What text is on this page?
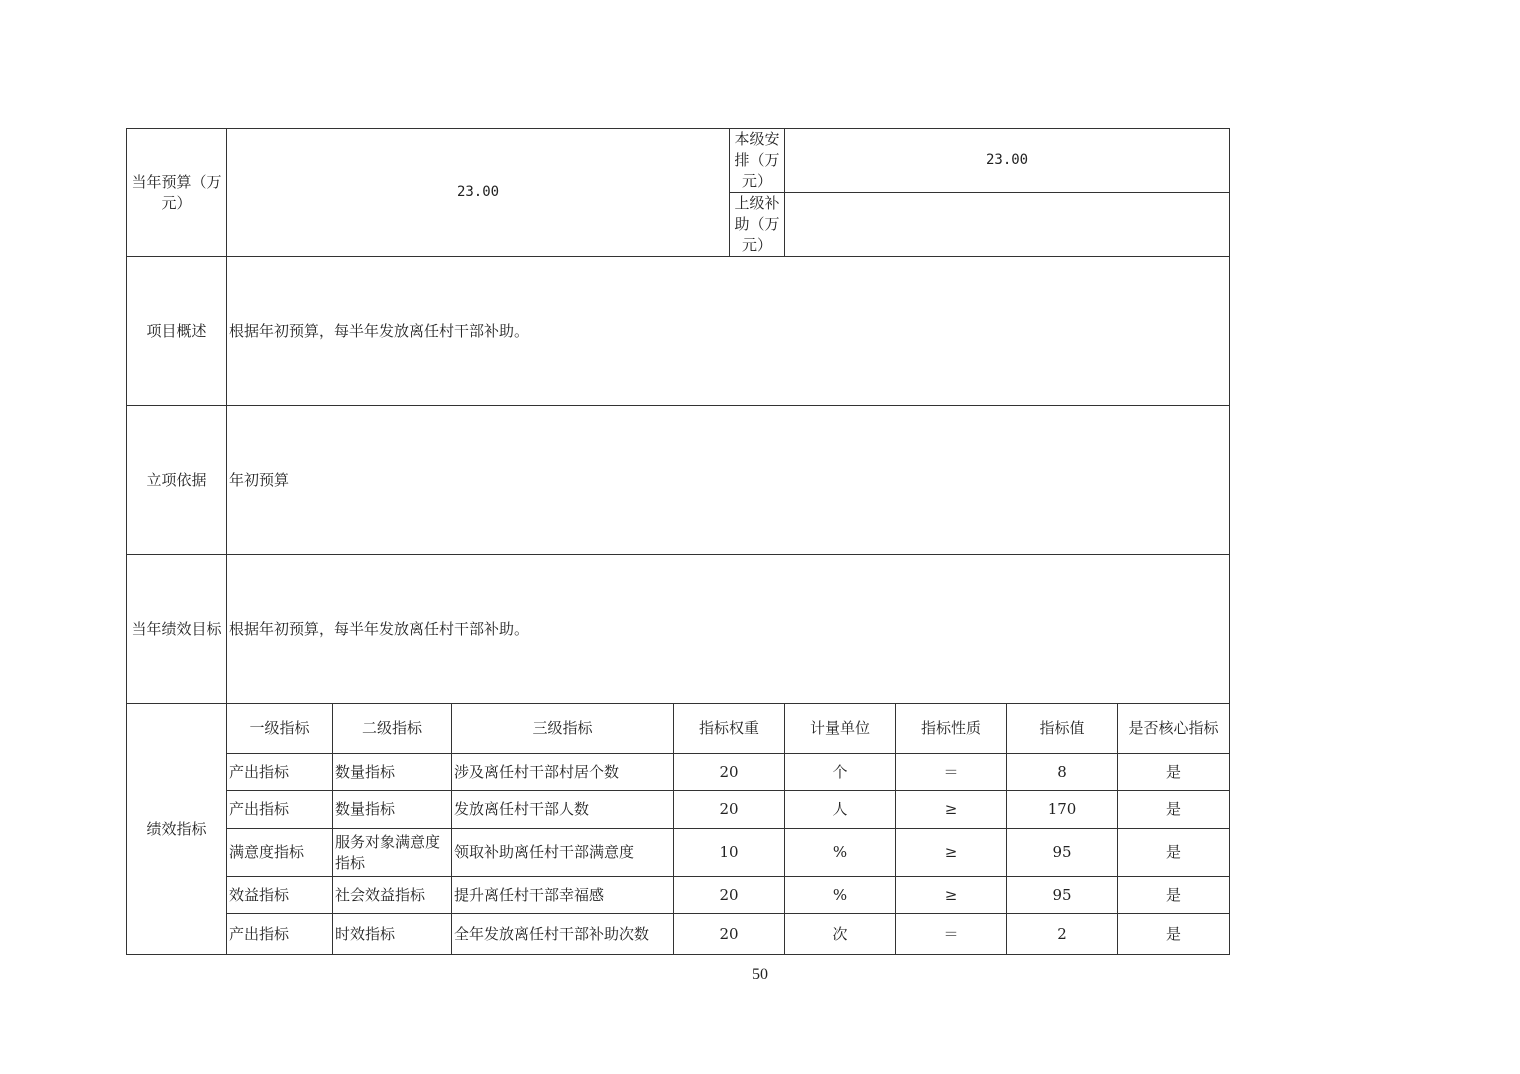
当年预算（万元）	23.00				本级安排（万元）	23.00			
					上级补助（万元）				
项目概述	根据年初预算，每半年发放离任村干部补助。								
立项依据	年初预算								
当年绩效目标	根据年初预算，每半年发放离任村干部补助。								
绩效指标	一级指标	二级指标	三级指标	指标权重		计量单位	指标性质	指标值	是否核心指标
	产出指标	数量指标	涉及离任村干部村居个数	20		个	＝	8	是
	产出指标	数量指标	发放离任村干部人数	20		人	≥	170	是
	满意度指标	服务对象满意度指标	领取补助离任村干部满意度	10		%	≥	95	是
	效益指标	社会效益指标	提升离任村干部幸福感	20		%	≥	95	是
	产出指标	时效指标	全年发放离任村干部补助次数	20		次	＝	2	是
50
